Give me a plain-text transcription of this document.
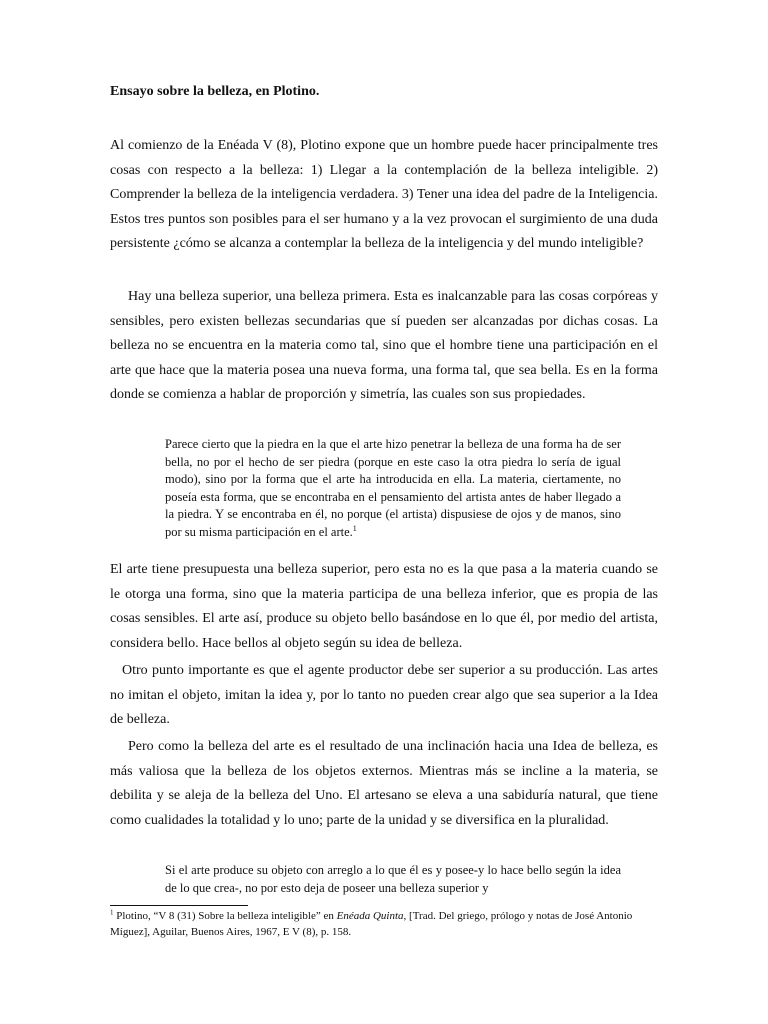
Ensayo sobre la belleza, en Plotino.

Al comienzo de la Enéada V (8), Plotino expone que un hombre puede hacer principalmente tres cosas con respecto a la belleza: 1) Llegar a la contemplación de la belleza inteligible. 2) Comprender la belleza de la inteligencia verdadera. 3) Tener una idea del padre de la Inteligencia. Estos tres puntos son posibles para el ser humano y a la vez provocan el surgimiento de una duda persistente ¿cómo se alcanza a contemplar la belleza de la inteligencia y del mundo inteligible?

Hay una belleza superior, una belleza primera. Esta es inalcanzable para las cosas corpóreas y sensibles, pero existen bellezas secundarias que sí pueden ser alcanzadas por dichas cosas. La belleza no se encuentra en la materia como tal, sino que el hombre tiene una participación en el arte que hace que la materia posea una nueva forma, una forma tal, que sea bella. Es en la forma donde se comienza a hablar de proporción y simetría, las cuales son sus propiedades.

Parece cierto que la piedra en la que el arte hizo penetrar la belleza de una forma ha de ser bella, no por el hecho de ser piedra (porque en este caso la otra piedra lo sería de igual modo), sino por la forma que el arte ha introducida en ella. La materia, ciertamente, no poseía esta forma, que se encontraba en el pensamiento del artista antes de haber llegado a la piedra. Y se encontraba en él, no porque (el artista) dispusiese de ojos y de manos, sino por su misma participación en el arte.$^1$

El arte tiene presupuesta una belleza superior, pero esta no es la que pasa a la materia cuando se le otorga una forma, sino que la materia participa de una belleza inferior, que es propia de las cosas sensibles. El arte así, produce su objeto bello basándose en lo que él, por medio del artista, considera bello. Hace bellos al objeto según su idea de belleza.

Otro punto importante es que el agente productor debe ser superior a su producción. Las artes no imitan el objeto, imitan la idea y, por lo tanto no pueden crear algo que sea superior a la Idea de belleza.

Pero como la belleza del arte es el resultado de una inclinación hacia una Idea de belleza, es más valiosa que la belleza de los objetos externos. Mientras más se incline a la materia, se debilita y se aleja de la belleza del Uno. El artesano se eleva a una sabiduría natural, que tiene como cualidades la totalidad y lo uno; parte de la unidad y se diversifica en la pluralidad.

Si el arte produce su objeto con arreglo a lo que él es y posee-y lo hace bello según la idea de lo que crea-, no por esto deja de poseer una belleza superior y

$^1$ Plotino, “V 8 (31) Sobre la belleza inteligible” en Enéada Quinta, [Trad. Del griego, prólogo y notas de José Antonio Míguez], Aguilar, Buenos Aires, 1967, E V (8), p. 158.
